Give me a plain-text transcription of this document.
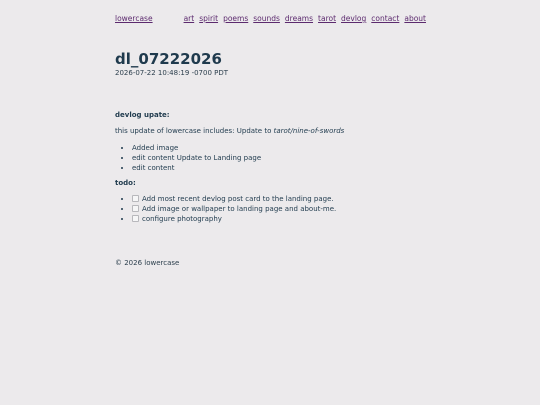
lowercase	art spirit poems sounds dreams tarot devlog contact about
dl_07222026
2026-07-22 10:48:19 -0700 PDT

devlog upate:

this update of lowercase includes: Update to tarot/nine-of-swords
• Added image
• edit content Update to Landing page
• edit content

todo:

• Add most recent devlog post card to the landing page.
• Add image or wallpaper to landing page and about-me.
• configure photography
© 2026 lowercase
